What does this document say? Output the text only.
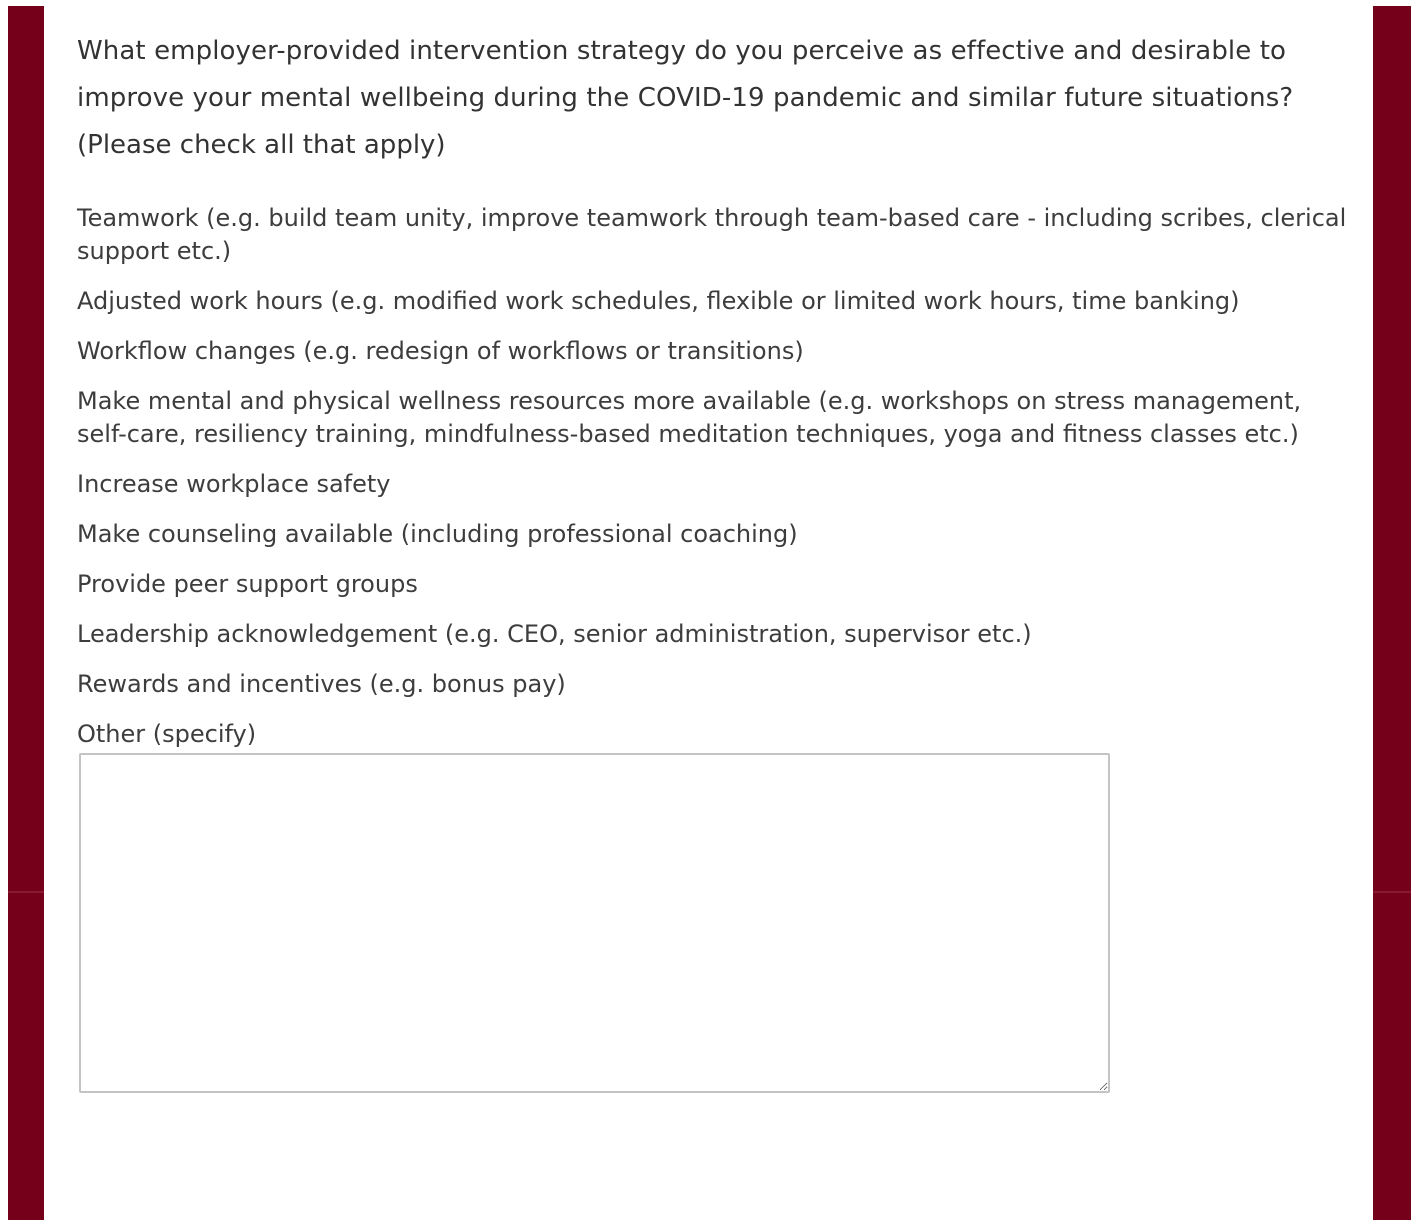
What employer-provided intervention strategy do you perceive as effective and desirable to improve your mental wellbeing during the COVID-19 pandemic and similar future situations?

(Please check all that apply)

Teamwork (e.g. build team unity, improve teamwork through team-based care - including scribes, clerical support etc.)
Adjusted work hours (e.g. modified work schedules, flexible or limited work hours, time banking)
Workflow changes (e.g. redesign of workflows or transitions)
Make mental and physical wellness resources more available (e.g. workshops on stress management, self-care, resiliency training, mindfulness-based meditation techniques, yoga and fitness classes etc.)
Increase workplace safety
Make counseling available (including professional coaching)
Provide peer support groups
Leadership acknowledgement (e.g. CEO, senior administration, supervisor etc.)
Rewards and incentives (e.g. bonus pay)
Other (specify)
